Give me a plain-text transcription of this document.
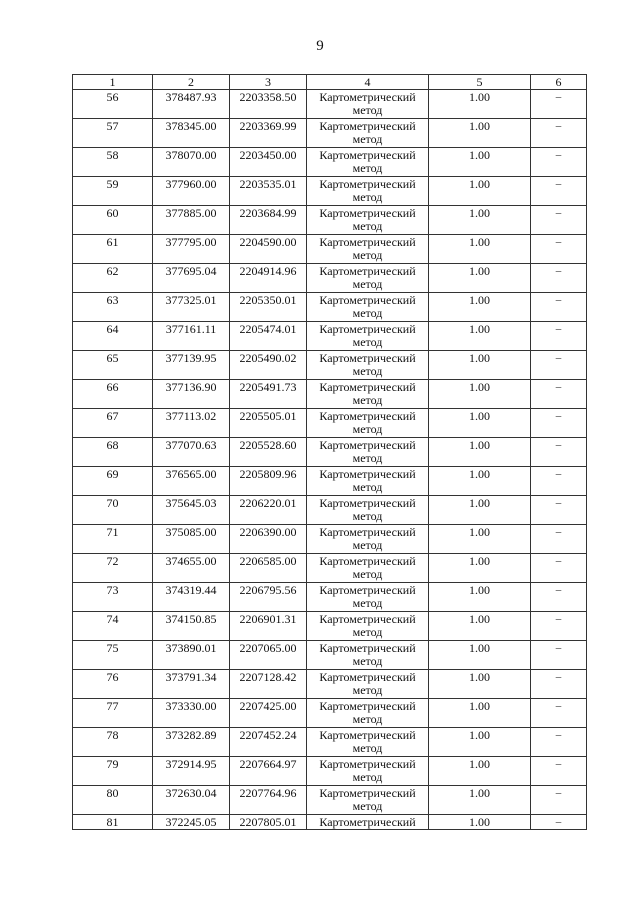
9
1	2	3	4	5	6
56	378487.93	2203358.50	Картометрический метод	1.00	–
57	378345.00	2203369.99	Картометрический метод	1.00	–
58	378070.00	2203450.00	Картометрический метод	1.00	–
59	377960.00	2203535.01	Картометрический метод	1.00	–
60	377885.00	2203684.99	Картометрический метод	1.00	–
61	377795.00	2204590.00	Картометрический метод	1.00	–
62	377695.04	2204914.96	Картометрический метод	1.00	–
63	377325.01	2205350.01	Картометрический метод	1.00	–
64	377161.11	2205474.01	Картометрический метод	1.00	–
65	377139.95	2205490.02	Картометрический метод	1.00	–
66	377136.90	2205491.73	Картометрический метод	1.00	–
67	377113.02	2205505.01	Картометрический метод	1.00	–
68	377070.63	2205528.60	Картометрический метод	1.00	–
69	376565.00	2205809.96	Картометрический метод	1.00	–
70	375645.03	2206220.01	Картометрический метод	1.00	–
71	375085.00	2206390.00	Картометрический метод	1.00	–
72	374655.00	2206585.00	Картометрический метод	1.00	–
73	374319.44	2206795.56	Картометрический метод	1.00	–
74	374150.85	2206901.31	Картометрический метод	1.00	–
75	373890.01	2207065.00	Картометрический метод	1.00	–
76	373791.34	2207128.42	Картометрический метод	1.00	–
77	373330.00	2207425.00	Картометрический метод	1.00	–
78	373282.89	2207452.24	Картометрический метод	1.00	–
79	372914.95	2207664.97	Картометрический метод	1.00	–
80	372630.04	2207764.96	Картометрический метод	1.00	–
81	372245.05	2207805.01	Картометрический	1.00	–
